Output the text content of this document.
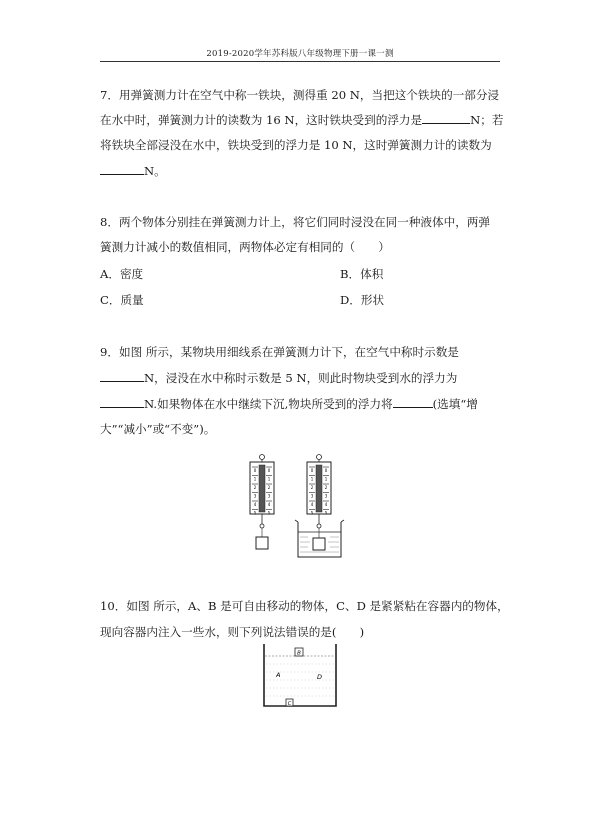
2019-2020学年苏科版八年级物理下册一课一测
7．用弹簧测力计在空气中称一铁块，测得重 20 N，当把这个铁块的一部分浸
在水中时，弹簧测力计的读数为 16 N，这时铁块受到的浮力是	N；若
将铁块全部浸没在水中，铁块受到的浮力是 10 N，这时弹簧测力计的读数为
N。
8．两个物体分别挂在弹簧测力计上，将它们同时浸没在同一种液体中，两弹
簧测力计减小的数值相同，两物体必定有相同的（　　）
A．密度	B．体积
C．质量	D．形状
9．如图 所示，某物块用细线系在弹簧测力计下，在空气中称时示数是
N，浸没在水中称时示数是 5 N，则此时物块受到水的浮力为
N.如果物体在水中继续下沉,物块所受到的浮力将	(选填“增
大”“减小”或“不变”)。
0	0
1	1
2	2
3	3
4	4
5	5
0	0
1	1
2	2
3	3
4	4
5	5
10．如图 所示，A、B 是可自由移动的物体，C、D 是紧紧粘在容器内的物体，
现向容器内注入一些水，则下列说法错误的是(　　)
B
A	D
C
